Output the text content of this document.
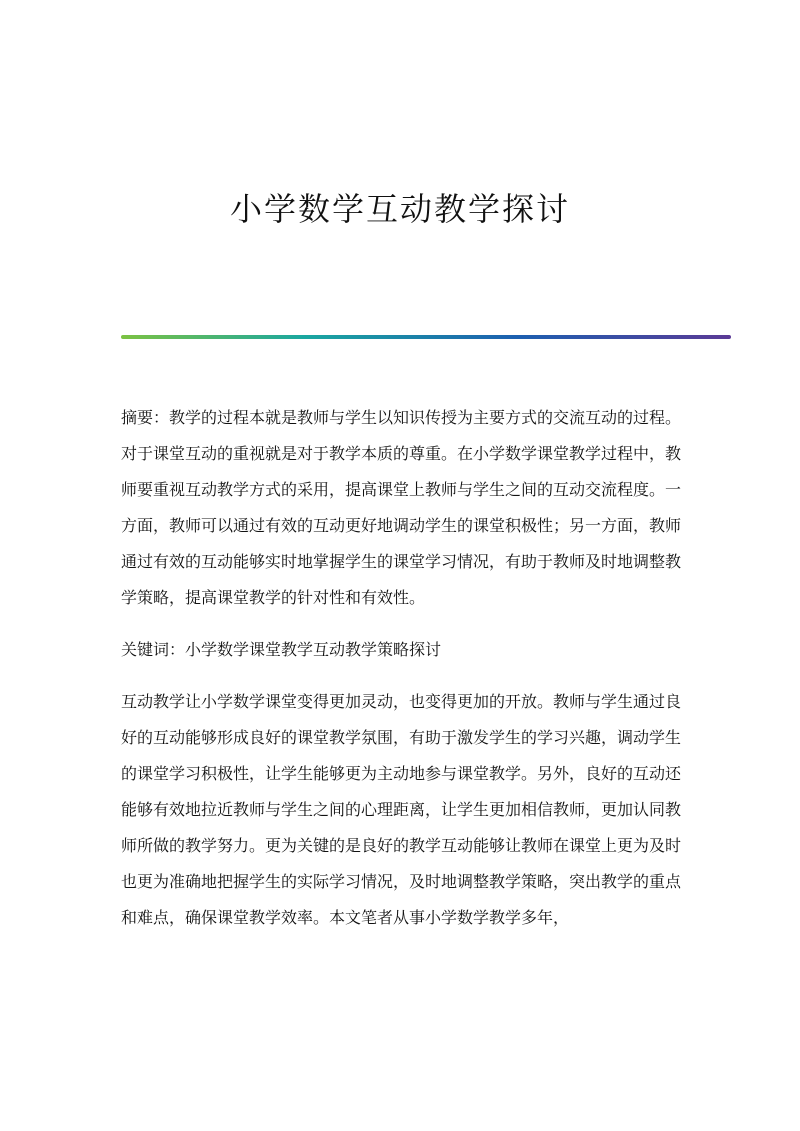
小学数学互动教学探讨

摘要：教学的过程本就是教师与学生以知识传授为主要方式的交流互动的过程。对于课堂互动的重视就是对于教学本质的尊重。在小学数学课堂教学过程中，教师要重视互动教学方式的采用，提高课堂上教师与学生之间的互动交流程度。一方面，教师可以通过有效的互动更好地调动学生的课堂积极性；另一方面，教师通过有效的互动能够实时地掌握学生的课堂学习情况，有助于教师及时地调整教学策略，提高课堂教学的针对性和有效性。

关键词：小学数学课堂教学互动教学策略探讨

互动教学让小学数学课堂变得更加灵动，也变得更加的开放。教师与学生通过良好的互动能够形成良好的课堂教学氛围，有助于激发学生的学习兴趣，调动学生的课堂学习积极性，让学生能够更为主动地参与课堂教学。另外，良好的互动还能够有效地拉近教师与学生之间的心理距离，让学生更加相信教师，更加认同教师所做的教学努力。更为关键的是良好的教学互动能够让教师在课堂上更为及时也更为准确地把握学生的实际学习情况，及时地调整教学策略，突出教学的重点和难点，确保课堂教学效率。本文笔者从事小学数学教学多年，
